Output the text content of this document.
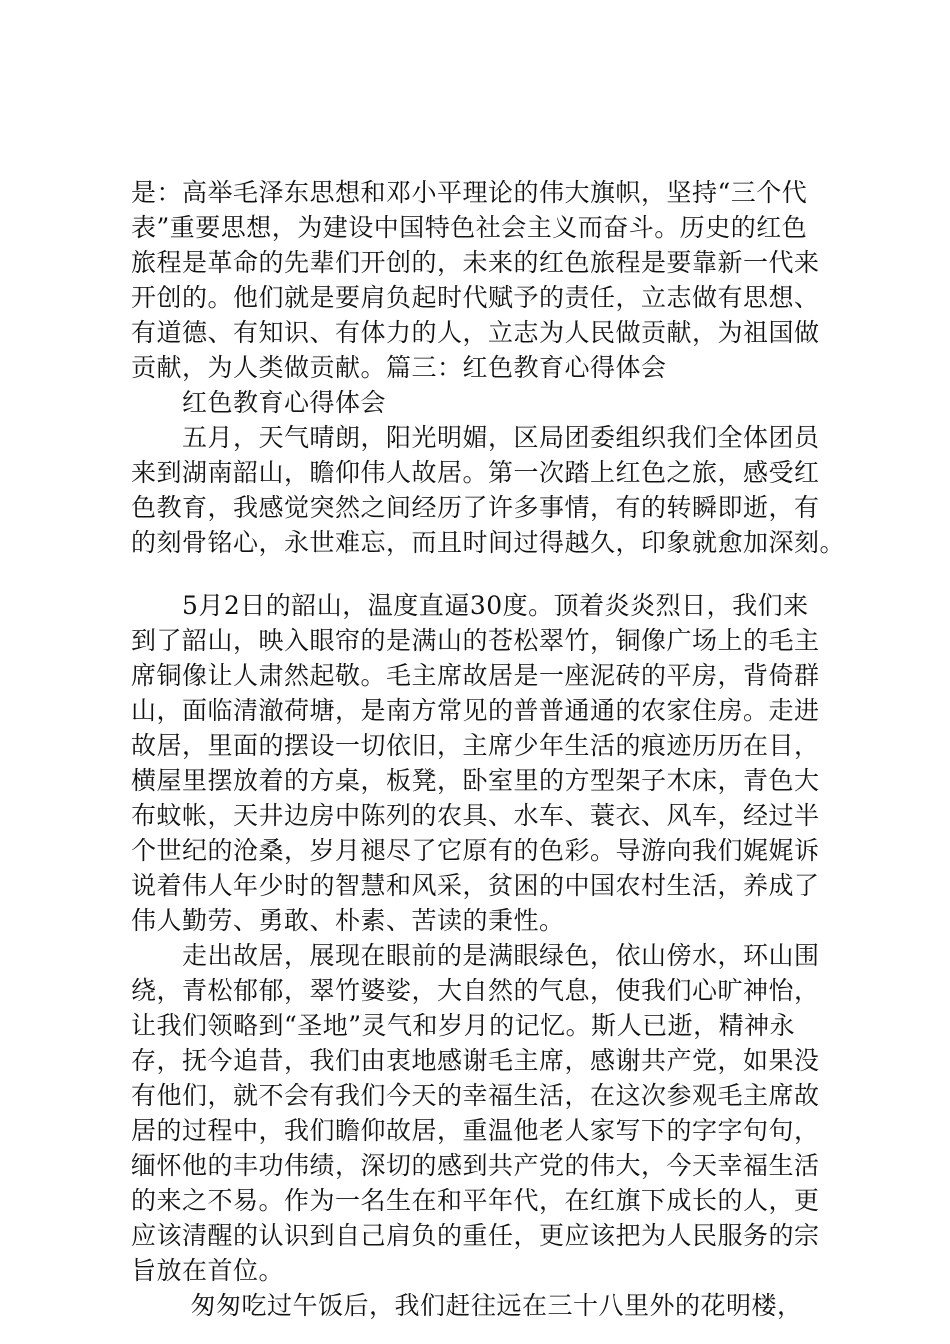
是：高举毛泽东思想和邓小平理论的伟大旗帜，坚持“三个代
表”重要思想，为建设中国特色社会主义而奋斗。历史的红色
旅程是革命的先辈们开创的，未来的红色旅程是要靠新一代来
开创的。他们就是要肩负起时代赋予的责任，立志做有思想、
有道德、有知识、有体力的人，立志为人民做贡献，为祖国做
贡献，为人类做贡献。篇三：红色教育心得体会
　　红色教育心得体会
　　五月，天气晴朗，阳光明媚，区局团委组织我们全体团员
来到湖南韶山，瞻仰伟人故居。第一次踏上红色之旅，感受红
色教育，我感觉突然之间经历了许多事情，有的转瞬即逝，有
的刻骨铭心，永世难忘，而且时间过得越久，印象就愈加深刻。
　　5月2日的韶山，温度直逼30度。顶着炎炎烈日，我们来
到了韶山，映入眼帘的是满山的苍松翠竹，铜像广场上的毛主
席铜像让人肃然起敬。毛主席故居是一座泥砖的平房，背倚群
山，面临清澈荷塘，是南方常见的普普通通的农家住房。走进
故居，里面的摆设一切依旧，主席少年生活的痕迹历历在目，
横屋里摆放着的方桌，板凳，卧室里的方型架子木床，青色大
布蚊帐，天井边房中陈列的农具、水车、蓑衣、风车，经过半
个世纪的沧桑，岁月褪尽了它原有的色彩。导游向我们娓娓诉
说着伟人年少时的智慧和风采，贫困的中国农村生活，养成了
伟人勤劳、勇敢、朴素、苦读的秉性。
　　走出故居，展现在眼前的是满眼绿色，依山傍水，环山围
绕，青松郁郁，翠竹婆娑，大自然的气息，使我们心旷神怡，
让我们领略到“圣地”灵气和岁月的记忆。斯人已逝，精神永
存，抚今追昔，我们由衷地感谢毛主席，感谢共产党，如果没
有他们，就不会有我们今天的幸福生活，在这次参观毛主席故
居的过程中，我们瞻仰故居，重温他老人家写下的字字句句，
缅怀他的丰功伟绩，深切的感到共产党的伟大，今天幸福生活
的来之不易。作为一名生在和平年代，在红旗下成长的人，更
应该清醒的认识到自己肩负的重任，更应该把为人民服务的宗
旨放在首位。
　　 匆匆吃过午饭后，我们赶往远在三十八里外的花明楼，
